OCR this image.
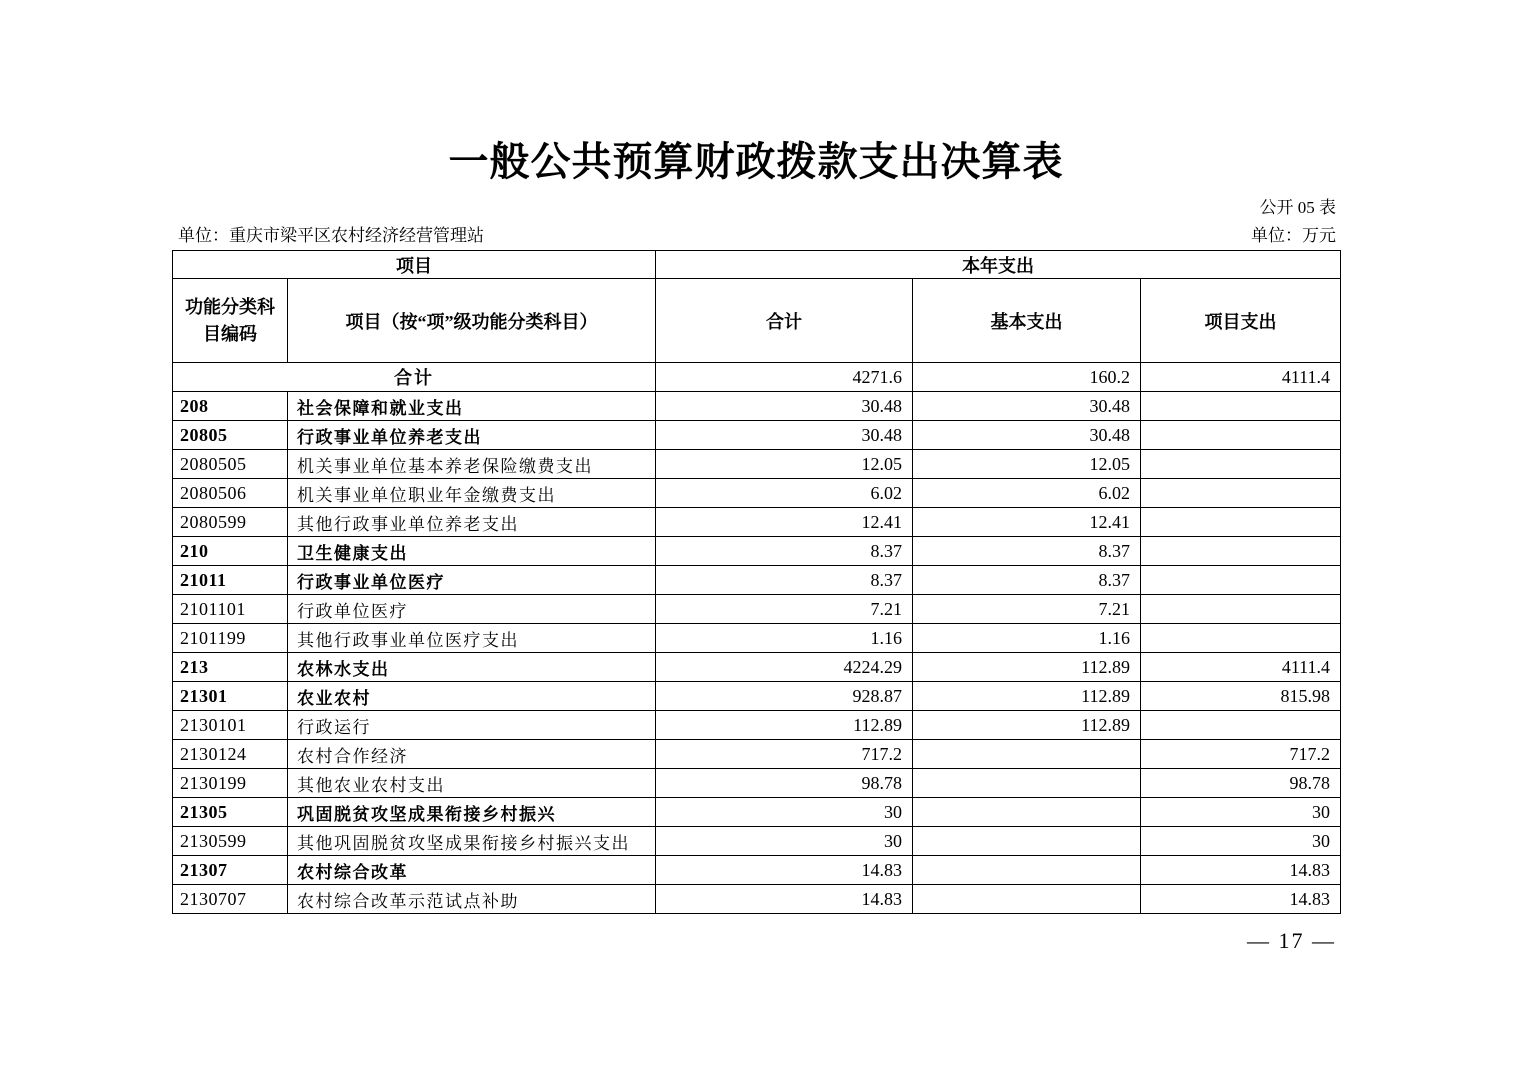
一般公共预算财政拨款支出决算表
公开 05 表
单位：重庆市梁平区农村经济经营管理站	单位：万元
项目		本年支出		
功能分类科目编码	项目（按“项”级功能分类科目）	合计	基本支出	项目支出
合计		4271.6	160.2	4111.4
208	社会保障和就业支出	30.48	30.48	
20805	行政事业单位养老支出	30.48	30.48	
2080505	机关事业单位基本养老保险缴费支出	12.05	12.05	
2080506	机关事业单位职业年金缴费支出	6.02	6.02	
2080599	其他行政事业单位养老支出	12.41	12.41	
210	卫生健康支出	8.37	8.37	
21011	行政事业单位医疗	8.37	8.37	
2101101	行政单位医疗	7.21	7.21	
2101199	其他行政事业单位医疗支出	1.16	1.16	
213	农林水支出	4224.29	112.89	4111.4
21301	农业农村	928.87	112.89	815.98
2130101	行政运行	112.89	112.89	
2130124	农村合作经济	717.2		717.2
2130199	其他农业农村支出	98.78		98.78
21305	巩固脱贫攻坚成果衔接乡村振兴	30		30
2130599	其他巩固脱贫攻坚成果衔接乡村振兴支出	30		30
21307	农村综合改革	14.83		14.83
2130707	农村综合改革示范试点补助	14.83		14.83
— 17 —
